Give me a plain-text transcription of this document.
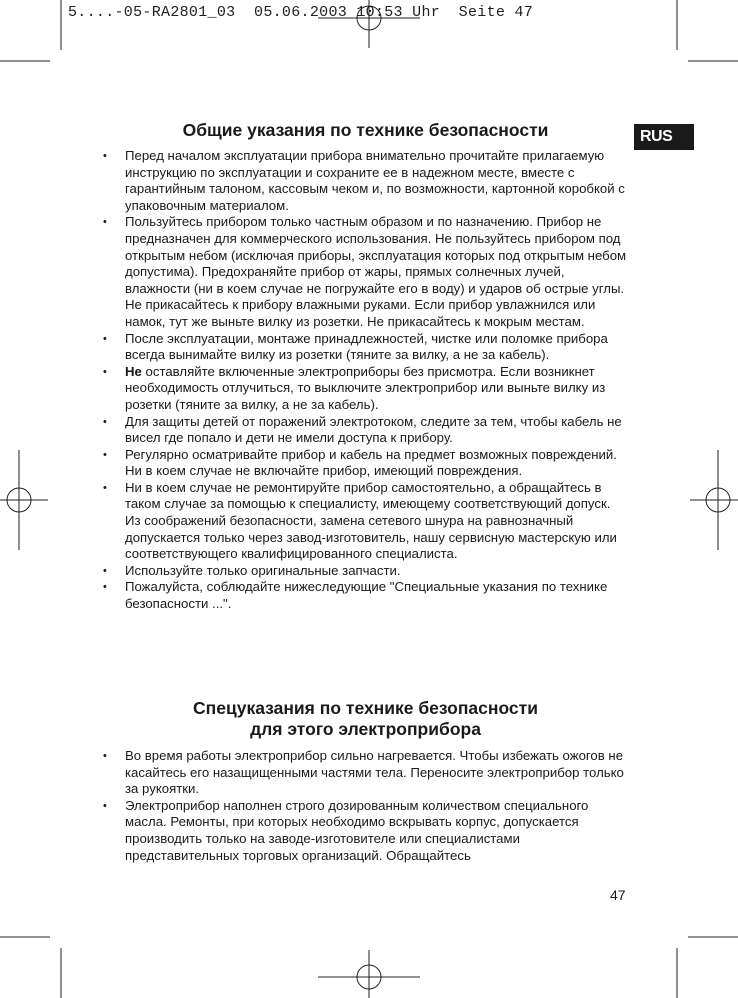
5....-05-RA2801_03  05.06.2003 10:53 Uhr  Seite 47
RUS
Общие указания по технике безопасности
• Перед началом эксплуатации прибора внимательно прочитайте прилагаемую инструкцию по эксплуатации и сохраните ее в надежном месте, вместе с гарантийным талоном, кассовым чеком и, по возможности, картонной коробкой с упаковочным материалом.
• Пользуйтесь прибором только частным образом и по назначению. Прибор не предназначен для коммерческого использования. Не пользуйтесь прибором под открытым небом (исключая приборы, эксплуатация которых под открытым небом допустима). Предохраняйте прибор от жары, прямых солнечных лучей, влажности (ни в коем случае не погружайте его в воду) и ударов об острые углы. Не прикасайтесь к прибору влажными руками. Если прибор увлажнился или намок, тут же выньте вилку из розетки. Не прикасайтесь к мокрым местам.
• После эксплуатации, монтаже принадлежностей, чистке или поломке прибора всегда вынимайте вилку из розетки (тяните за вилку, а не за кабель).
• Не оставляйте включенные электроприборы без присмотра. Если возникнет необходимость отлучиться, то выключите электроприбор или выньте вилку из розетки (тяните за вилку, а не за кабель).
• Для защиты детей от поражений электротоком, следите за тем, чтобы кабель не висел где попало и дети не имели доступа к прибору.
• Регулярно осматривайте прибор и кабель на предмет возможных повреждений. Ни в коем случае не включайте прибор, имеющий повреждения.
• Ни в коем случае не ремонтируйте прибор самостоятельно, а обращайтесь в таком случае за помощью к специалисту, имеющему соответствующий допуск. Из соображений безопасности, замена сетевого шнура на равнозначный допускается только через завод-изготовитель, нашу сервисную мастерскую или соответствующего квалифицированного специалиста.
• Используйте только оригинальные запчасти.
• Пожалуйста, соблюдайте нижеследующие "Специальные указания по технике безопасности ...".
Спецуказания по технике безопасности
для этого электроприбора
• Во время работы электроприбор сильно нагревается. Чтобы избежать ожогов не касайтесь его назащищенными частями тела. Переносите электроприбор только за рукоятки.
• Электроприбор наполнен строго дозированным количеством специального масла. Ремонты, при которых необходимо вскрывать корпус, допускается производить только на заводе-изготовителе или специалистами представительных торговых организаций. Обращайтесь
47
